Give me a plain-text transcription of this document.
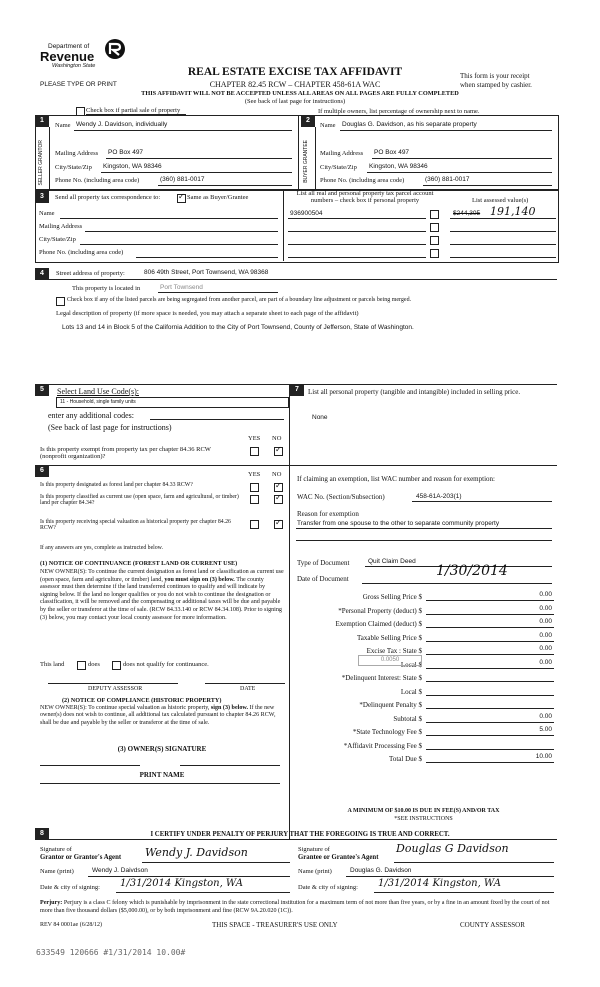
Department of
Revenue
Washington State
PLEASE TYPE OR PRINT
REAL ESTATE EXCISE TAX AFFIDAVIT
CHAPTER 82.45 RCW – CHAPTER 458-61A WAC
THIS AFFIDAVIT WILL NOT BE ACCEPTED UNLESS ALL AREAS ON ALL PAGES ARE FULLY COMPLETED
(See back of last page for instructions)
This form is your receipt
when stamped by cashier.
Check box if partial sale of property	If multiple owners, list percentage of ownership next to name.
1
SELLER GRANTOR
Name Wendy J. Davidson, individually
Mailing Address PO Box 497
City/State/Zip Kingston, WA 98346
Phone No. (including area code)	(360) 881-0017
2
BUYER GRANTEE
Name Douglas G. Davidson, as his separate property
Mailing Address PO Box 497
City/State/Zip Kingston, WA 98346
Phone No. (including area code)	(360) 881-0017
3	Send all property tax correspondence to:
✓	Same as Buyer/Grantee
Name
Mailing Address
City/State/Zip
Phone No. (including area code)
List all real and personal property tax parcel account numbers – check box if personal property	List assessed value(s)
936900504	$244,305 191,140
4	Street address of property:	806 49th Street, Port Townsend, WA 98368
This property is located in	Port Townsend
Check box if any of the listed parcels are being segregated from another parcel, are part of a boundary line adjustment or parcels being merged.
Legal description of property (if more space is needed, you may attach a separate sheet to each page of the affidavit)
Lots 13 and 14 in Block 5 of the California Addition to the City of Port Townsend, County of Jefferson, State of Washington.
5	Select Land Use Code(s):
11 - Household, single family units
enter any additional codes:
(See back of last page for instructions)
YES NO
Is this property exempt from property tax per chapter 84.36 RCW (nonprofit organization)?
✓
6
YES NO
Is this property designated as forest land per chapter 84.33 RCW?
✓
Is this property classified as current use (open space, farm and agricultural, or timber) land per chapter 84.34?
✓
Is this property receiving special valuation as historical property per chapter 84.26 RCW?
✓
If any answers are yes, complete as instructed below.
(1) NOTICE OF CONTINUANCE (FOREST LAND OR CURRENT USE)
NEW OWNER(S): To continue the current designation as forest land or classification as current use (open space, farm and agriculture, or timber) land, you must sign on (3) below. The county assessor must then determine if the land transferred continues to qualify and will indicate by signing below. If the land no longer qualifies or you do not wish to continue the designation or classification, it will be removed and the compensating or additional taxes will be due and payable by the seller or transferor at the time of sale. (RCW 84.33.140 or RCW 84.34.108). Prior to signing (3) below, you may contact your local county assessor for more information.
This land	does	does not qualify for continuance.
DEPUTY ASSESSOR	DATE
(2) NOTICE OF COMPLIANCE (HISTORIC PROPERTY)
NEW OWNER(S): To continue special valuation as historic property, sign (3) below. If the new owner(s) does not wish to continue, all additional tax calculated pursuant to chapter 84.26 RCW, shall be due and payable by the seller or transferor at the time of sale.
(3) OWNER(S) SIGNATURE
PRINT NAME
7	List all personal property (tangible and intangible) included in selling price.
None
If claiming an exemption, list WAC number and reason for exemption:
WAC No. (Section/Subsection)	458-61A-203(1)
Reason for exemption
Transfer from one spouse to the other to separate community property
Type of Document	Quit Claim Deed
Date of Document	1/30/2014
Gross Selling Price $	0.00
*Personal Property (deduct) $	0.00
Exemption Claimed (deduct) $	0.00
Taxable Selling Price $	0.00
Excise Tax : State $	0.00
Local $	0.00
*Delinquent Interest: State $
Local $
*Delinquent Penalty $
Subtotal $	0.00
*State Technology Fee $	5.00
*Affidavit Processing Fee $
Total Due $	10.00
0.0050
A MINIMUM OF $10.00 IS DUE IN FEE(S) AND/OR TAX
*SEE INSTRUCTIONS
8	I CERTIFY UNDER PENALTY OF PERJURY THAT THE FOREGOING IS TRUE AND CORRECT.
Signature of
Grantor or Grantor's Agent Wendy J. Davidson	Signature of
Grantee or Grantee's Agent
Douglas G Davidson
Name (print)	Wendy J. Daivdson	Name (print)	Douglas G. Davidson
Date & city of signing: 1/31/2014 Kingston, WA	Date & city of signing: 1/31/2014 Kingston, WA
Perjury: Perjury is a class C felony which is punishable by imprisonment in the state correctional institution for a maximum term of not more than five years, or by a fine in an amount fixed by the court of not more than five thousand dollars ($5,000.00), or by both imprisonment and fine (RCW 9A.20.020 (1C)).
REV 84 0001ae (6/28/12)	THIS SPACE - TREASURER'S USE ONLY	COUNTY ASSESSOR
633549 120666 #1/31/2014 10.00#
